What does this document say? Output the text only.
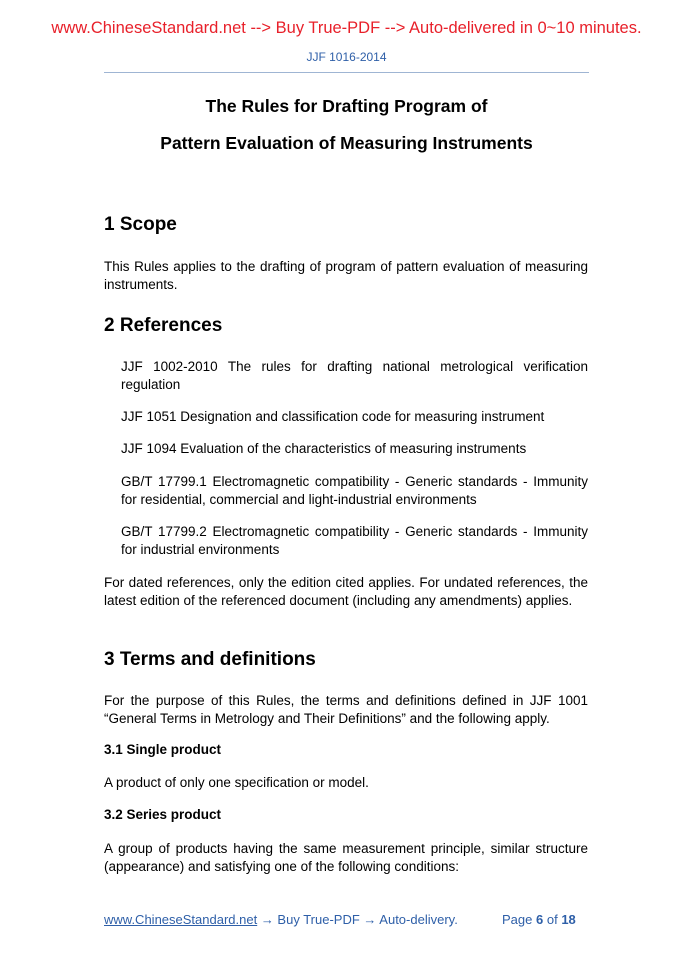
www.ChineseStandard.net --> Buy True-PDF --> Auto-delivered in 0~10 minutes.
JJF 1016-2014
The Rules for Drafting Program of
Pattern Evaluation of Measuring Instruments
1 Scope
This Rules applies to the drafting of program of pattern evaluation of measuring instruments.
2 References
JJF 1002-2010 The rules for drafting national metrological verification regulation
JJF 1051 Designation and classification code for measuring instrument
JJF 1094 Evaluation of the characteristics of measuring instruments
GB/T 17799.1 Electromagnetic compatibility - Generic standards - Immunity for residential, commercial and light-industrial environments
GB/T 17799.2 Electromagnetic compatibility - Generic standards - Immunity for industrial environments
For dated references, only the edition cited applies. For undated references, the latest edition of the referenced document (including any amendments) applies.
3 Terms and definitions
For the purpose of this Rules, the terms and definitions defined in JJF 1001 “General Terms in Metrology and Their Definitions” and the following apply.
3.1 Single product
A product of only one specification or model.
3.2 Series product
A group of products having the same measurement principle, similar structure (appearance) and satisfying one of the following conditions:
www.ChineseStandard.net → Buy True-PDF → Auto-delivery.	Page 6 of 18
